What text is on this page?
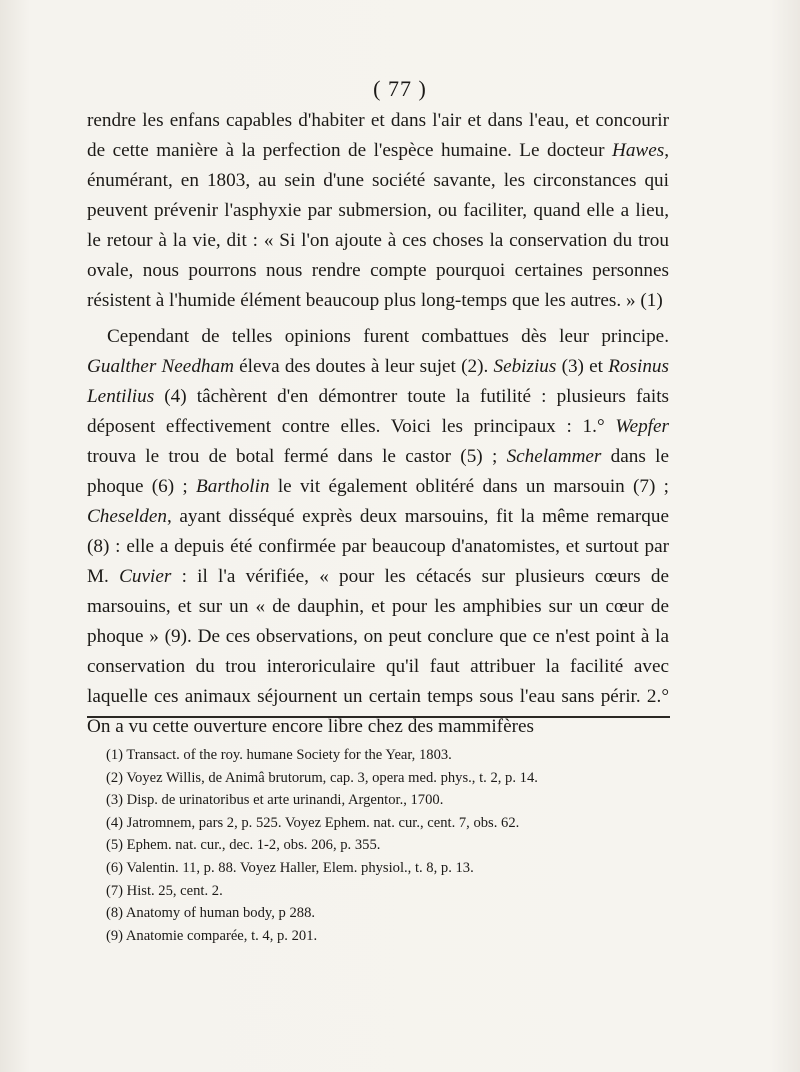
( 77 )

rendre les enfans capables d'habiter et dans l'air et dans l'eau, et concourir de cette manière à la perfection de l'espèce humaine. Le docteur Hawes, énumérant, en 1803, au sein d'une société savante, les circonstances qui peuvent prévenir l'asphyxie par submersion, ou faciliter, quand elle a lieu, le retour à la vie, dit : « Si l'on ajoute à ces choses la conservation du trou ovale, nous pourrons nous rendre compte pourquoi certaines personnes résistent à l'humide élément beaucoup plus long-temps que les autres. » (1)

Cependant de telles opinions furent combattues dès leur principe. Gualther Needham éleva des doutes à leur sujet (2). Sebizius (3) et Rosinus Lentilius (4) tâchèrent d'en démontrer toute la futilité : plusieurs faits déposent effectivement contre elles. Voici les principaux : 1.° Wepfer trouva le trou de botal fermé dans le castor (5) ; Schelammer dans le phoque (6) ; Bartholin le vit également oblitéré dans un marsouin (7) ; Cheselden, ayant disséqué exprès deux marsouins, fit la même remarque (8) : elle a depuis été confirmée par beaucoup d'anatomistes, et surtout par M. Cuvier : il l'a vérifiée, « pour les cétacés sur plusieurs cœurs de marsouins, et sur un « de dauphin, et pour les amphibies sur un cœur de phoque » (9). De ces observations, on peut conclure que ce n'est point à la conservation du trou interoriculaire qu'il faut attribuer la facilité avec laquelle ces animaux séjournent un certain temps sous l'eau sans périr. 2.° On a vu cette ouverture encore libre chez des mammifères

(1) Transact. of the roy. humane Society for the Year, 1803.
(2) Voyez Willis, de Animâ brutorum, cap. 3, opera med. phys., t. 2, p. 14.
(3) Disp. de urinatoribus et arte urinandi, Argentor., 1700.
(4) Jatromnem, pars 2, p. 525. Voyez Ephem. nat. cur., cent. 7, obs. 62.
(5) Ephem. nat. cur., dec. 1-2, obs. 206, p. 355.
(6) Valentin. 11, p. 88. Voyez Haller, Elem. physiol., t. 8, p. 13.
(7) Hist. 25, cent. 2.
(8) Anatomy of human body, p 288.
(9) Anatomie comparée, t. 4, p. 201.
